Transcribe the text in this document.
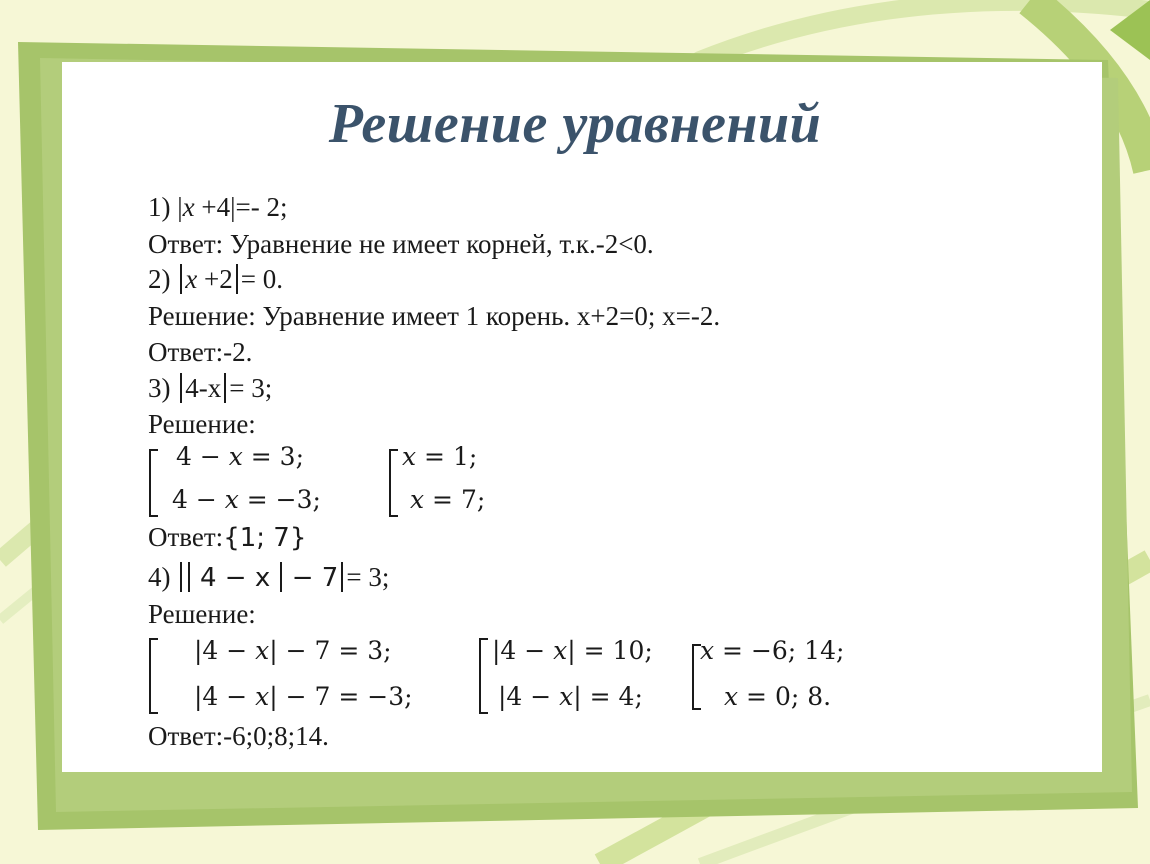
Решение уравнений
1) |x +4|=- 2;
Ответ: Уравнение не имеет корней, т.к.-2<0.
2) x +2 = 0.
Решение: Уравнение имеет 1 корень. х+2=0; х=-2.
Ответ:-2.
3) 4-х = 3;
Решение:
4 − 𝑥 = 3;
4 − 𝑥 = −3;
𝑥 = 1;
𝑥 = 7;
Ответ:{1; 7}
4) 4 − x − 7 = 3;
Решение:
|4 − 𝑥| − 7 = 3;
|4 − 𝑥| − 7 = −3;
|4 − 𝑥| = 10;
|4 − 𝑥| = 4;
𝑥 = −6; 14;
𝑥 = 0; 8.
Ответ:-6;0;8;14.
